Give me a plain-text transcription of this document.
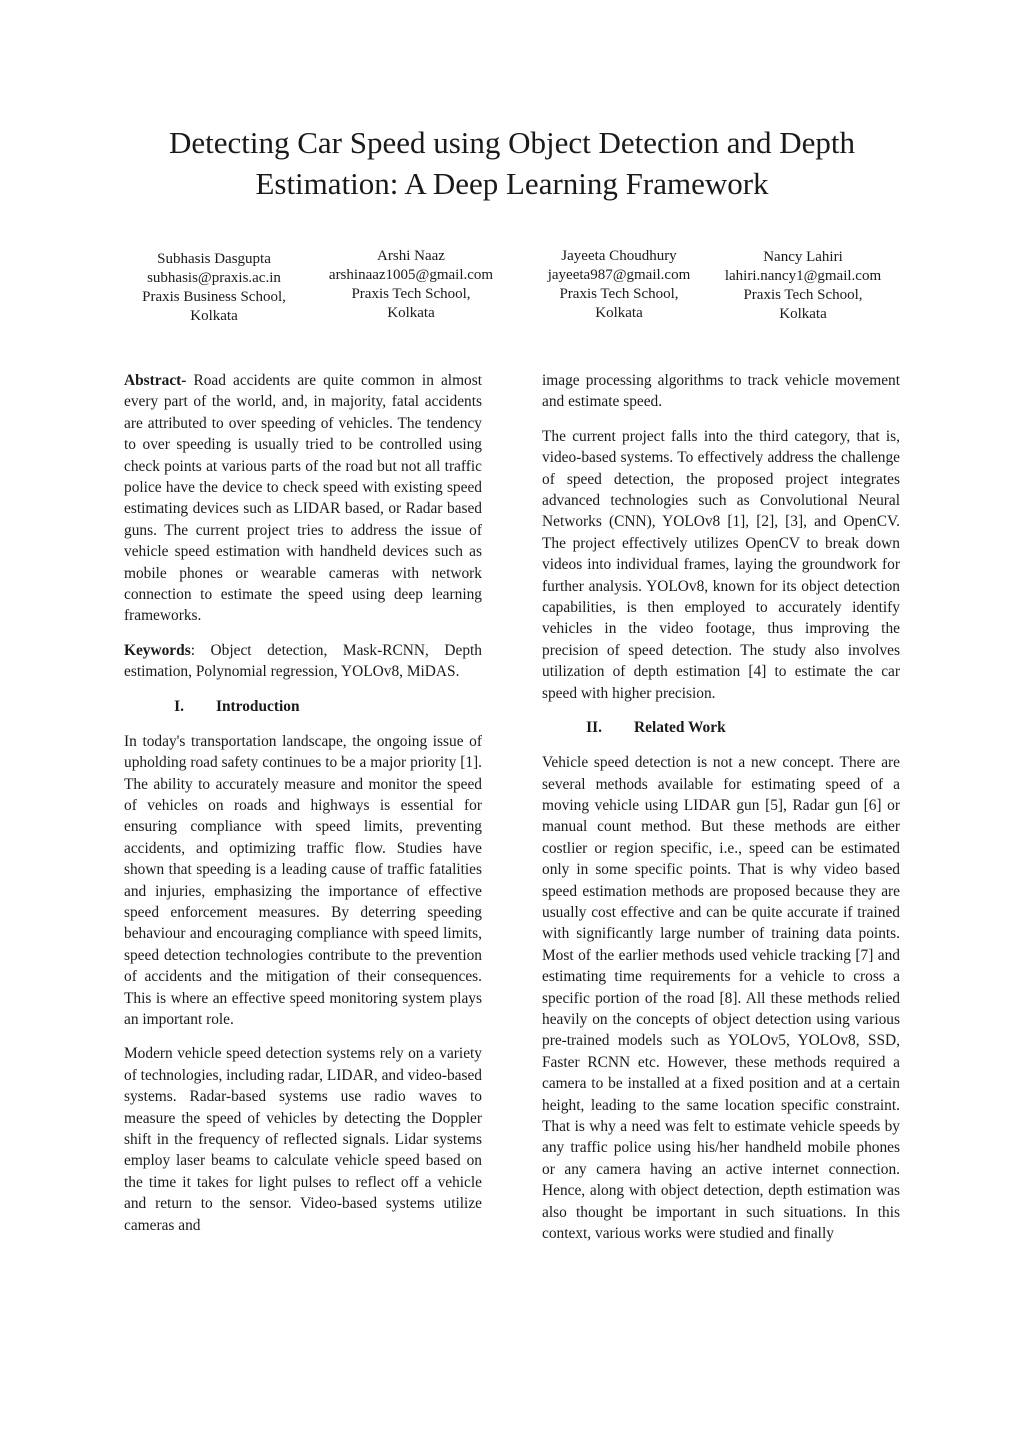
Detecting Car Speed using Object Detection and Depth
Estimation: A Deep Learning Framework
Subhasis Dasgupta
subhasis@praxis.ac.in
Praxis Business School,
Kolkata
Arshi Naaz
arshinaaz1005@gmail.com
Praxis Tech School,
Kolkata
Jayeeta Choudhury
jayeeta987@gmail.com
Praxis Tech School,
Kolkata
Nancy Lahiri
lahiri.nancy1@gmail.com
Praxis Tech School,
Kolkata

Abstract- Road accidents are quite common in almost every part of the world, and, in majority, fatal accidents are attributed to over speeding of vehicles. The tendency to over speeding is usually tried to be controlled using check points at various parts of the road but not all traffic police have the device to check speed with existing speed estimating devices such as LIDAR based, or Radar based guns. The current project tries to address the issue of vehicle speed estimation with handheld devices such as mobile phones or wearable cameras with network connection to estimate the speed using deep learning frameworks.

Keywords: Object detection, Mask-RCNN, Depth estimation, Polynomial regression, YOLOv8, MiDAS.

I. Introduction

In today's transportation landscape, the ongoing issue of upholding road safety continues to be a major priority [1]. The ability to accurately measure and monitor the speed of vehicles on roads and highways is essential for ensuring compliance with speed limits, preventing accidents, and optimizing traffic flow. Studies have shown that speeding is a leading cause of traffic fatalities and injuries, emphasizing the importance of effective speed enforcement measures. By deterring speeding behaviour and encouraging compliance with speed limits, speed detection technologies contribute to the prevention of accidents and the mitigation of their consequences. This is where an effective speed monitoring system plays an important role.

Modern vehicle speed detection systems rely on a variety of technologies, including radar, LIDAR, and video-based systems. Radar-based systems use radio waves to measure the speed of vehicles by detecting the Doppler shift in the frequency of reflected signals. Lidar systems employ laser beams to calculate vehicle speed based on the time it takes for light pulses to reflect off a vehicle and return to the sensor. Video-based systems utilize cameras and

image processing algorithms to track vehicle movement and estimate speed.

The current project falls into the third category, that is, video-based systems. To effectively address the challenge of speed detection, the proposed project integrates advanced technologies such as Convolutional Neural Networks (CNN), YOLOv8 [1], [2], [3], and OpenCV. The project effectively utilizes OpenCV to break down videos into individual frames, laying the groundwork for further analysis. YOLOv8, known for its object detection capabilities, is then employed to accurately identify vehicles in the video footage, thus improving the precision of speed detection. The study also involves utilization of depth estimation [4] to estimate the car speed with higher precision.

II. Related Work

Vehicle speed detection is not a new concept. There are several methods available for estimating speed of a moving vehicle using LIDAR gun [5], Radar gun [6] or manual count method. But these methods are either costlier or region specific, i.e., speed can be estimated only in some specific points. That is why video based speed estimation methods are proposed because they are usually cost effective and can be quite accurate if trained with significantly large number of training data points. Most of the earlier methods used vehicle tracking [7] and estimating time requirements for a vehicle to cross a specific portion of the road [8]. All these methods relied heavily on the concepts of object detection using various pre-trained models such as YOLOv5, YOLOv8, SSD, Faster RCNN etc. However, these methods required a camera to be installed at a fixed position and at a certain height, leading to the same location specific constraint. That is why a need was felt to estimate vehicle speeds by any traffic police using his/her handheld mobile phones or any camera having an active internet connection. Hence, along with object detection, depth estimation was also thought be important in such situations. In this context, various works were studied and finally
